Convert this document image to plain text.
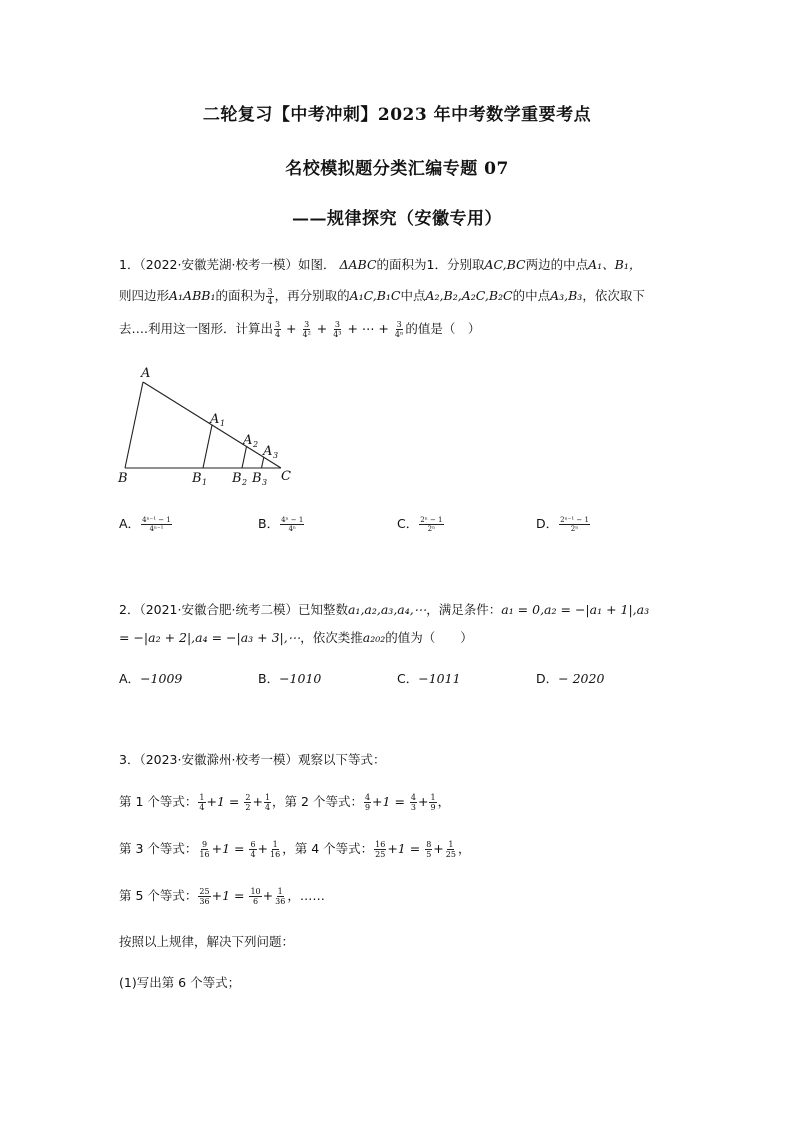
二轮复习【中考冲刺】2023 年中考数学重要考点
名校模拟题分类汇编专题 07
——规律探究（安徽专用）
1．（2022·安徽芜湖·校考一模）如图． ΔABC的面积为1．分别取AC,BC两边的中点A₁、B₁，
则四边形A₁ABB₁的面积为 $\frac{3}{4}$ ，再分别取的A₁C,B₁C中点A₂,B₂,A₂C,B₂C的中点A₃,B₃，依次取下
去….利用这一图形．计算出 $\frac{3}{4} + \frac{3}{\text{4²}} + \frac{3}{\text{4³}}$ + ⋯ + $\frac{3}{\text{4ⁿ}}$ 的值是（　）
A
B	C
A 1
A 2 A 3
B 1 B 2 B 3
A． $\frac{\text{4ⁿ⁻¹ − 1}}{\text{4ⁿ⁻¹}}$	B． $\frac{\text{4ⁿ − 1}}{\text{4ⁿ}}$	C． $\frac{\text{2ⁿ − 1}}{\text{2ⁿ}}$	D． $\frac{\text{2ⁿ⁻¹ − 1}}{\text{2ⁿ}}$
2．（2021·安徽合肥·统考二模）已知整数a₁,a₂,a₃,a₄,⋯，满足条件：a₁ = 0,a₂ = −|a₁ + 1|,a₃
= −|a₂ + 2|,a₄ = −|a₃ + 3|,⋯，依次类推a₂₀₂的值为（　　）
A．−1009	B．−1010	C．−1011	D．− 2020
3．（2023·安徽滁州·校考一模）观察以下等式：
第 1 个等式： $\frac{1}{4} +1 = \frac{2}{2} + \frac{1}{4}$ ，第 2 个等式： $\frac{4}{9} +1 = \frac{4}{3} + \frac{1}{9}$ ，
第 3 个等式： $\frac{9}{16} +1 = \frac{6}{4} + \frac{1}{16}$ ，第 4 个等式： $\frac{16}{25} +1 = \frac{8}{5} + \frac{1}{25}$ ，
第 5 个等式： $\frac{25}{36} +1 = \frac{10}{6} + \frac{1}{36}$ ，……
按照以上规律，解决下列问题：
(1)写出第 6 个等式；
